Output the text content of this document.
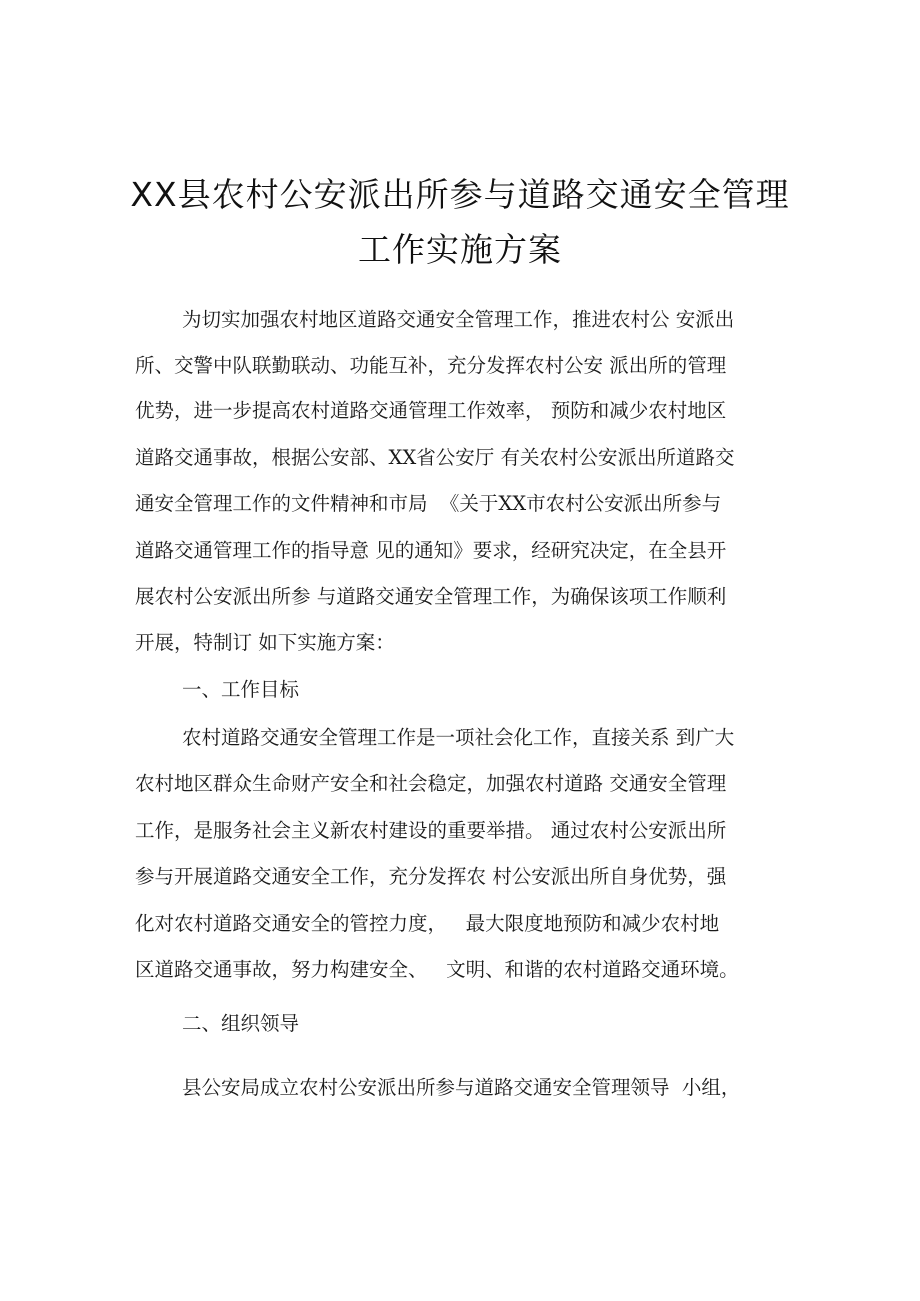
XX县农村公安派出所参与道路交通安全管理
工作实施方案
为切实加强农村地区道路交通安全管理工作，推进农村公 安派出
所、交警中队联勤联动、功能互补，充分发挥农村公安 派出所的管理
优势，进一步提高农村道路交通管理工作效率， 预防和减少农村地区
道路交通事故，根据公安部、XX省公安厅 有关农村公安派出所道路交
通安全管理工作的文件精神和市局  《关于XX市农村公安派出所参与
道路交通管理工作的指导意 见的通知》要求，经研究决定，在全县开
展农村公安派出所参 与道路交通安全管理工作，为确保该项工作顺利
开展，特制订 如下实施方案：
一、工作目标
农村道路交通安全管理工作是一项社会化工作，直接关系 到广大
农村地区群众生命财产安全和社会稳定，加强农村道路 交通安全管理
工作，是服务社会主义新农村建设的重要举措。 通过农村公安派出所
参与开展道路交通安全工作，充分发挥农 村公安派出所自身优势，强
化对农村道路交通安全的管控力度，   最大限度地预防和减少农村地
区道路交通事故，努力构建安全、   文明、和谐的农村道路交通环境。
二、组织领导
县公安局成立农村公安派出所参与道路交通安全管理领导  小组，
